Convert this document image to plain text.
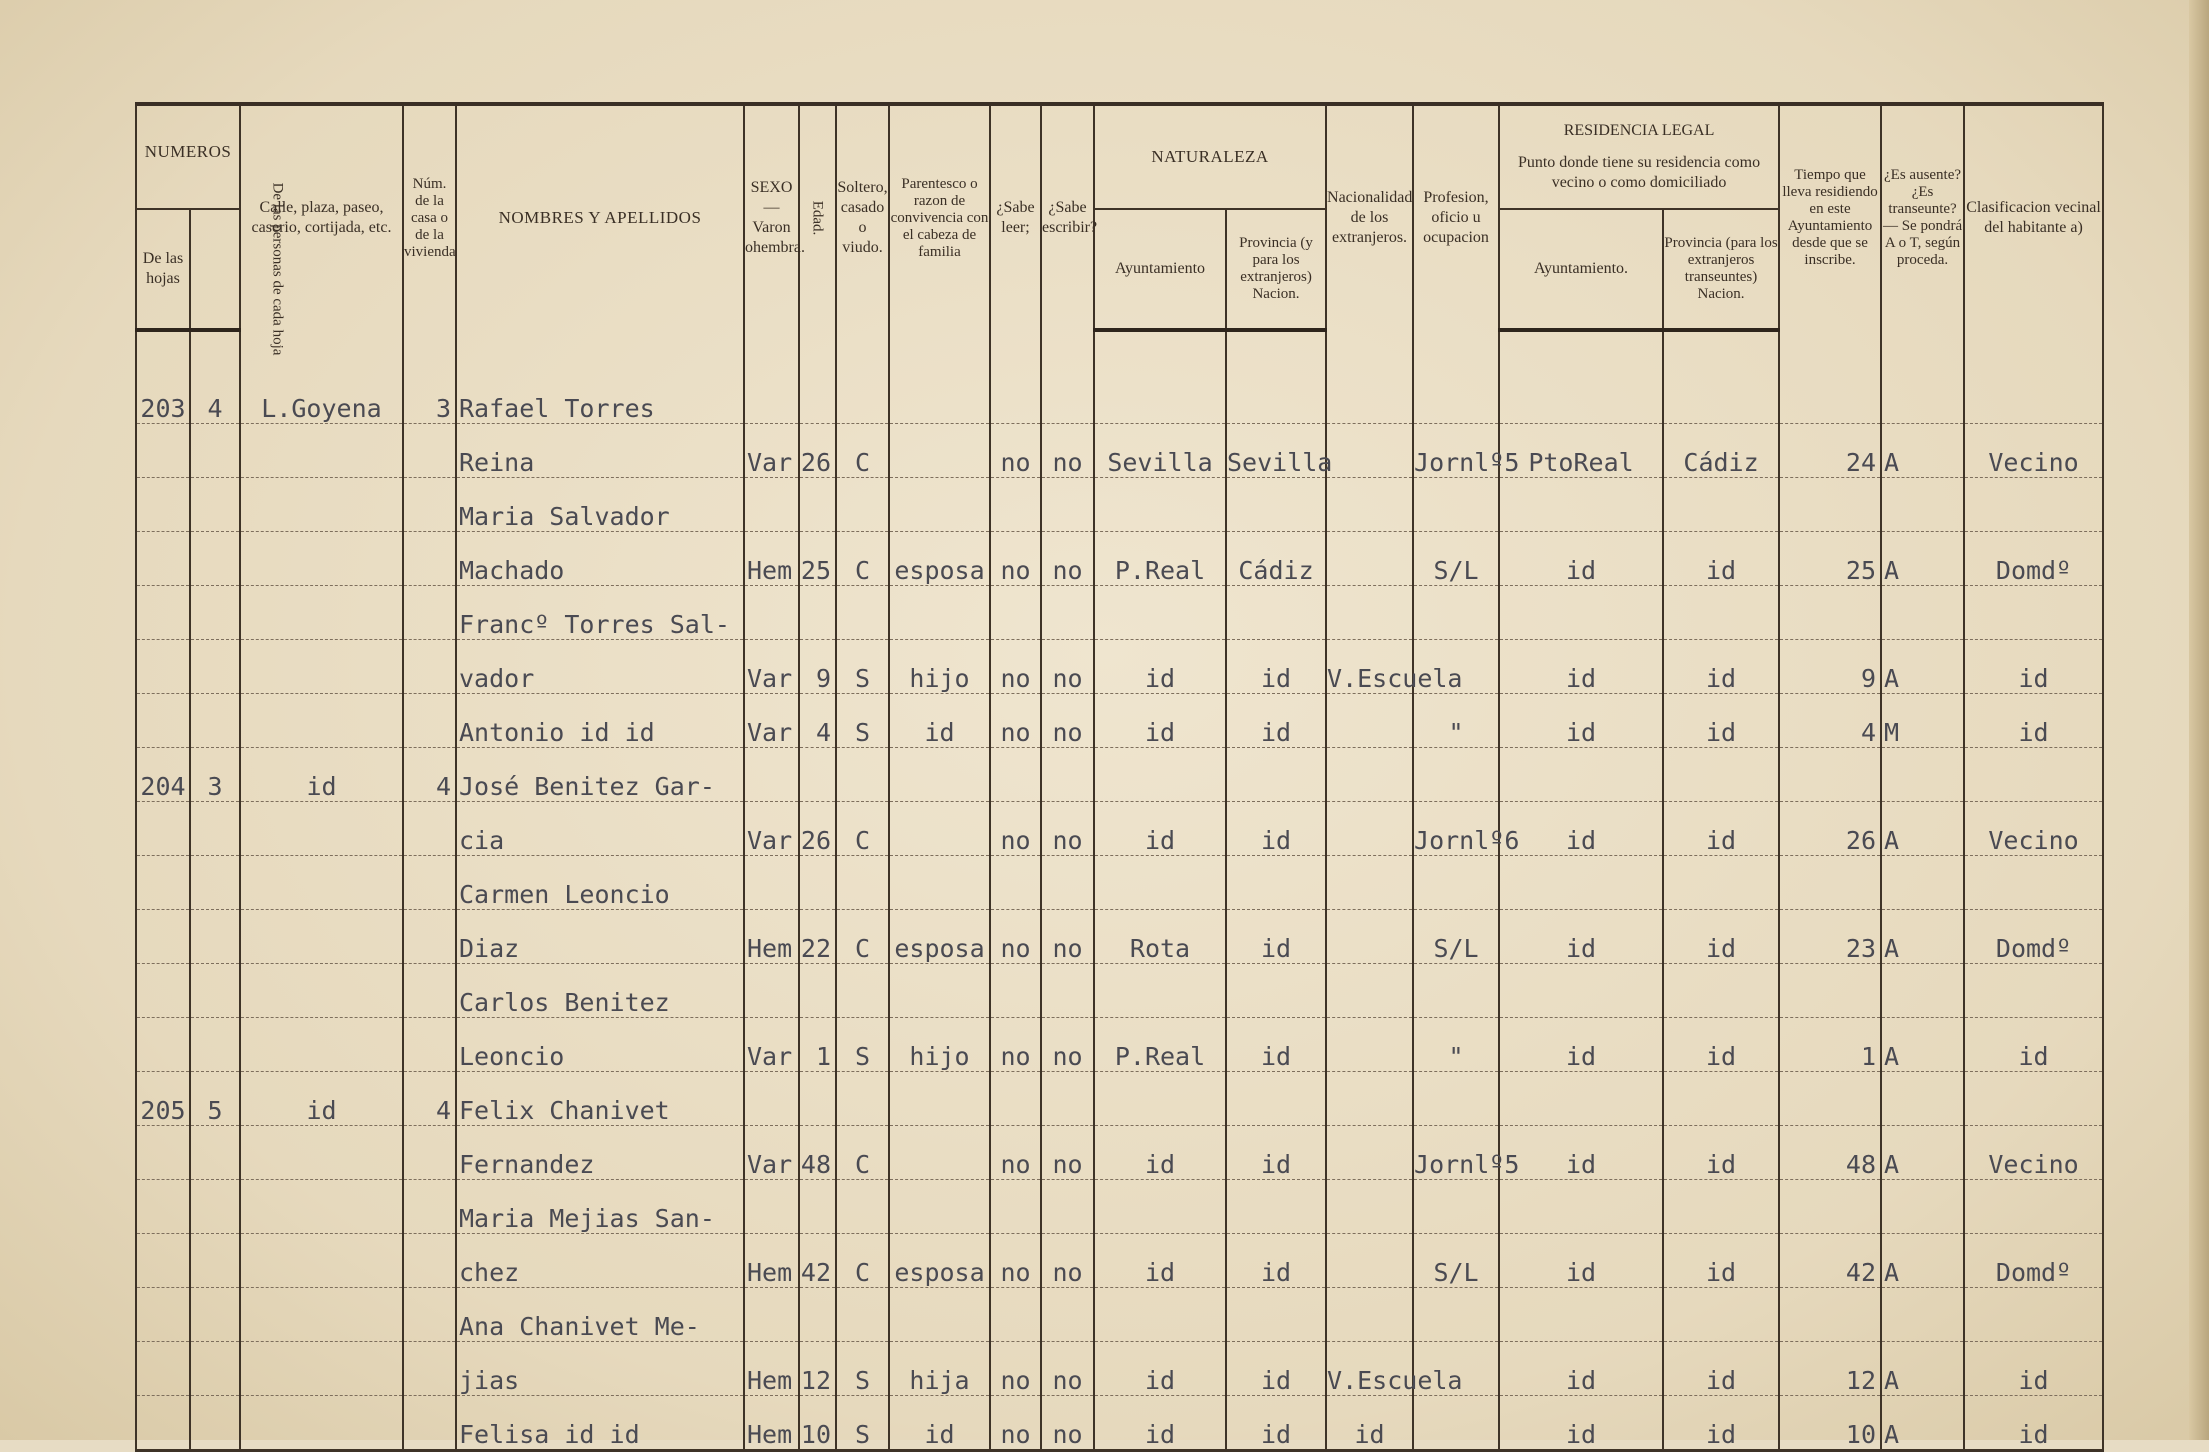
NUMEROS		Calle, plaza, paseo, caserio, cortijada, etc.	Núm. de la casa o de la vivienda	NOMBRES Y APELLIDOS	SEXO — Varon ohembra.	Edad.	Soltero, casado o viudo.	Parentesco o razon de convivencia con el cabeza de familia	¿Sabe leer;	¿Sabe escribir?	NATURALEZA		Nacionalidad de los extranjeros.	Profesion, oficio u ocupacion	RESIDENCIA LEGAL
Punto donde tiene su residencia como vecino o como domiciliado		Tiempo que lleva residiendo en este Ayuntamiento desde que se inscribe.	¿Es ausente? ¿Es transeunte? — Se pondrá A o T, según proceda.	Clasificacion vecinal del habitante a)
De las hojas	De las personas de cada hoja										Ayuntamiento	Provincia (y para los extranjeros) Nacion.			Ayuntamiento.	Provincia (para los extranjeros transeuntes) Nacion.			

203	4	L.Goyena	3	Rafael Torres															
				Reina	Var	26	C		no	no	Sevilla	Sevilla		Jornlº5	PtoReal	Cádiz	24	A	Vecino
				Maria Salvador															
				Machado	Hem	25	C	esposa	no	no	P.Real	Cádiz		S/L	id	id	25	A	Domdº
				Francº Torres Sal-															
				vador	Var	9	S	hijo	no	no	id	id	V.Escuela		id	id	9	A	id
				Antonio id id	Var	4	S	id	no	no	id	id		"	id	id	4	M	id
204	3	id	4	José Benitez Gar-															
				cia	Var	26	C		no	no	id	id		Jornlº6	id	id	26	A	Vecino
				Carmen Leoncio															
				Diaz	Hem	22	C	esposa	no	no	Rota	id		S/L	id	id	23	A	Domdº
				Carlos Benitez															
				Leoncio	Var	1	S	hijo	no	no	P.Real	id		"	id	id	1	A	id
205	5	id	4	Felix Chanivet															
				Fernandez	Var	48	C		no	no	id	id		Jornlº5	id	id	48	A	Vecino
				Maria Mejias San-															
				chez	Hem	42	C	esposa	no	no	id	id		S/L	id	id	42	A	Domdº
				Ana Chanivet Me-															
				jias	Hem	12	S	hija	no	no	id	id	V.Escuela		id	id	12	A	id
				Felisa id id	Hem	10	S	id	no	no	id	id	id		id	id	10	A	id
